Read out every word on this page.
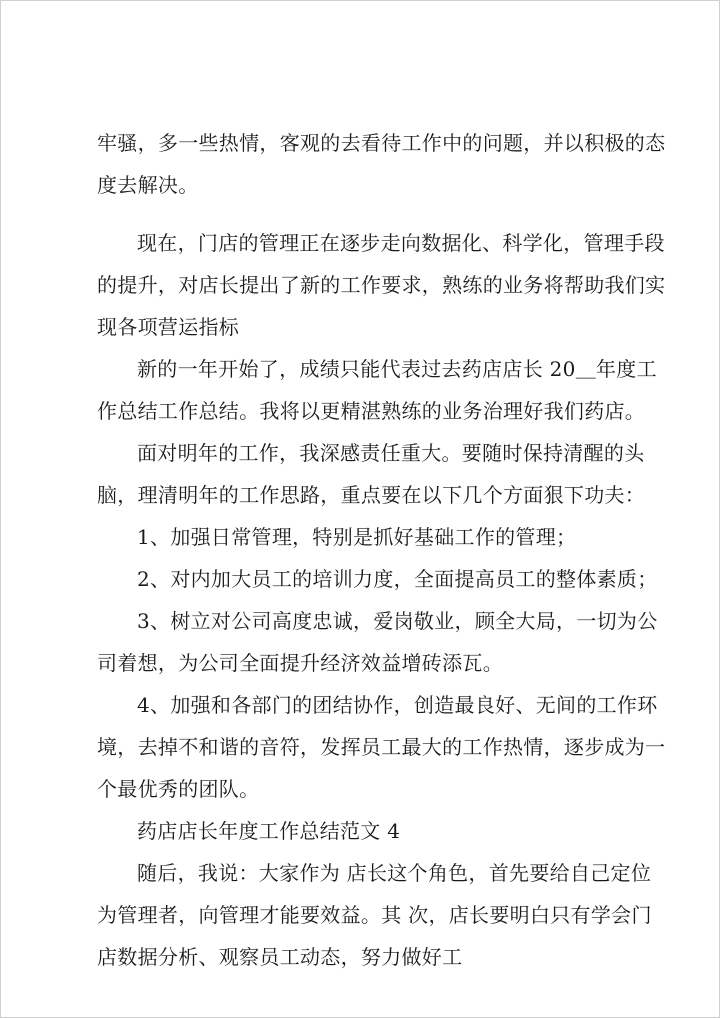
牢骚，多一些热情，客观的去看待工作中的问题，并以积极的态
度去解决。
现在，门店的管理正在逐步走向数据化、科学化，管理手段
的提升，对店长提出了新的工作要求，熟练的业务将帮助我们实
现各项营运指标
新的一年开始了，成绩只能代表过去药店店长 20＿年度工
作总结工作总结。我将以更精湛熟练的业务治理好我们药店。
面对明年的工作，我深感责任重大。要随时保持清醒的头
脑，理清明年的工作思路，重点要在以下几个方面狠下功夫：
1、加强日常管理，特别是抓好基础工作的管理；
2、对内加大员工的培训力度，全面提高员工的整体素质；
3、树立对公司高度忠诚，爱岗敬业，顾全大局，一切为公
司着想，为公司全面提升经济效益增砖添瓦。
4、加强和各部门的团结协作，创造最良好、无间的工作环
境，去掉不和谐的音符，发挥员工最大的工作热情，逐步成为一
个最优秀的团队。
药店店长年度工作总结范文 4
随后，我说：大家作为 店长这个角色，首先要给自己定位
为管理者，向管理才能要效益。其 次，店长要明白只有学会门
店数据分析、观察员工动态，努力做好工
